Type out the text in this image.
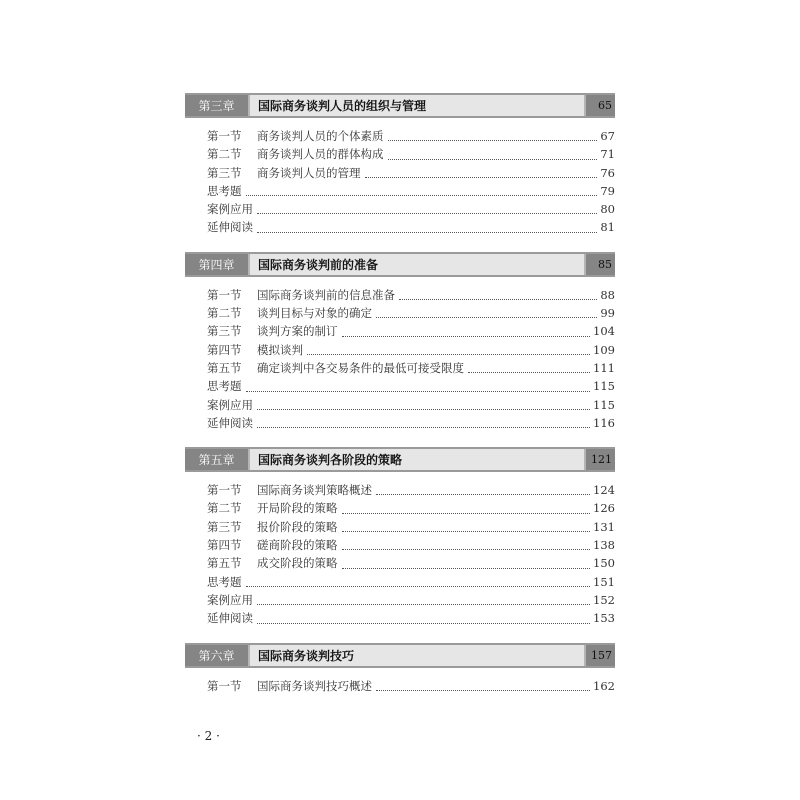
第三章	国际商务谈判人员的组织与管理	65
第一节	商务谈判人员的个体素质	67
第二节	商务谈判人员的群体构成	71
第三节	商务谈判人员的管理	76
思考题	79
案例应用	80
延伸阅读	81
第四章	国际商务谈判前的准备	85
第一节	国际商务谈判前的信息准备	88
第二节	谈判目标与对象的确定	99
第三节	谈判方案的制订	104
第四节	模拟谈判	109
第五节	确定谈判中各交易条件的最低可接受限度	111
思考题	115
案例应用	115
延伸阅读	116
第五章	国际商务谈判各阶段的策略	121
第一节	国际商务谈判策略概述	124
第二节	开局阶段的策略	126
第三节	报价阶段的策略	131
第四节	磋商阶段的策略	138
第五节	成交阶段的策略	150
思考题	151
案例应用	152
延伸阅读	153
第六章	国际商务谈判技巧	157
第一节	国际商务谈判技巧概述	162
· 2 ·
